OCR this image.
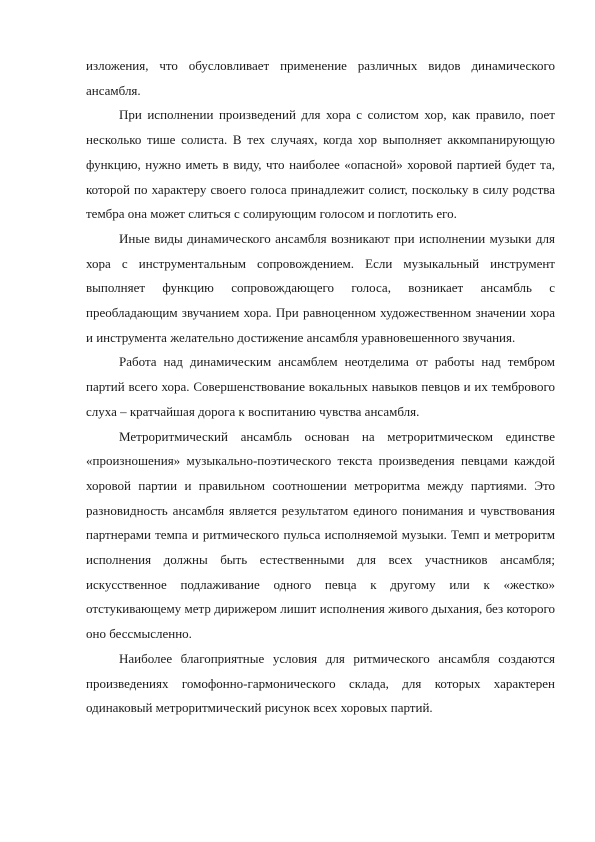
изложения, что обусловливает применение различных видов динамического ансамбля.

При исполнении произведений для хора с солистом хор, как правило, поет несколько тише солиста. В тех случаях, когда хор выполняет аккомпанирующую функцию, нужно иметь в виду, что наиболее «опасной» хоровой партией будет та, которой по характеру своего голоса принадлежит солист, поскольку в силу родства тембра она может слиться с солирующим голосом и поглотить его.

Иные виды динамического ансамбля возникают при исполнении музыки для хора с инструментальным сопровождением. Если музыкальный инструмент выполняет функцию сопровождающего голоса, возникает ансамбль с преобладающим звучанием хора. При равноценном художественном значении хора и инструмента желательно достижение ансамбля уравновешенного звучания.

Работа над динамическим ансамблем неотделима от работы над тембром партий всего хора. Совершенствование вокальных навыков певцов и их тембрового слуха – кратчайшая дорога к воспитанию чувства ансамбля.

Метроритмический ансамбль основан на метроритмическом единстве «произношения» музыкально-поэтического текста произведения певцами каждой хоровой партии и правильном соотношении метроритма между партиями. Это разновидность ансамбля является результатом единого понимания и чувствования партнерами темпа и ритмического пульса исполняемой музыки. Темп и метроритм исполнения должны быть естественными для всех участников ансамбля; искусственное подлаживание одного певца к другому или к «жестко» отстукивающему метр дирижером лишит исполнения живого дыхания, без которого оно бессмысленно.

Наиболее благоприятные условия для ритмического ансамбля создаются произведениях гомофонно-гармонического склада, для которых характерен одинаковый метроритмический рисунок всех хоровых партий.
